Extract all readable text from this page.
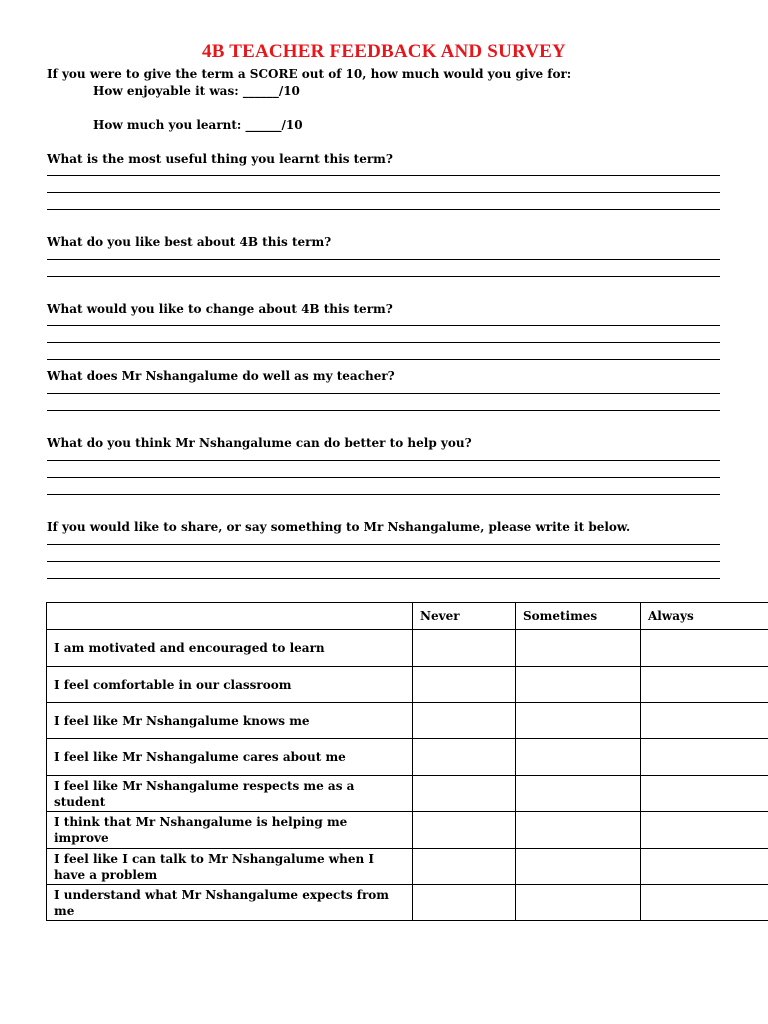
4B TEACHER FEEDBACK AND SURVEY
If you were to give the term a SCORE out of 10, how much would you give for:
How enjoyable it was: ______/10
How much you learnt: ______/10
What is the most useful thing you learnt this term?
What do you like best about 4B this term?
What would you like to change about 4B this term?
What does Mr Nshangalume do well as my teacher?
What do you think Mr Nshangalume can do better to help you?
If you would like to share, or say something to Mr Nshangalume, please write it below.
	Never	Sometimes	Always
I am motivated and encouraged to learn			
I feel comfortable in our classroom			
I feel like Mr Nshangalume knows me			
I feel like Mr Nshangalume cares about me			
I feel like Mr Nshangalume respects me as a student			
I think that Mr Nshangalume is helping me improve			
I feel like I can talk to Mr Nshangalume when I have a problem			
I understand what Mr Nshangalume expects from me			
